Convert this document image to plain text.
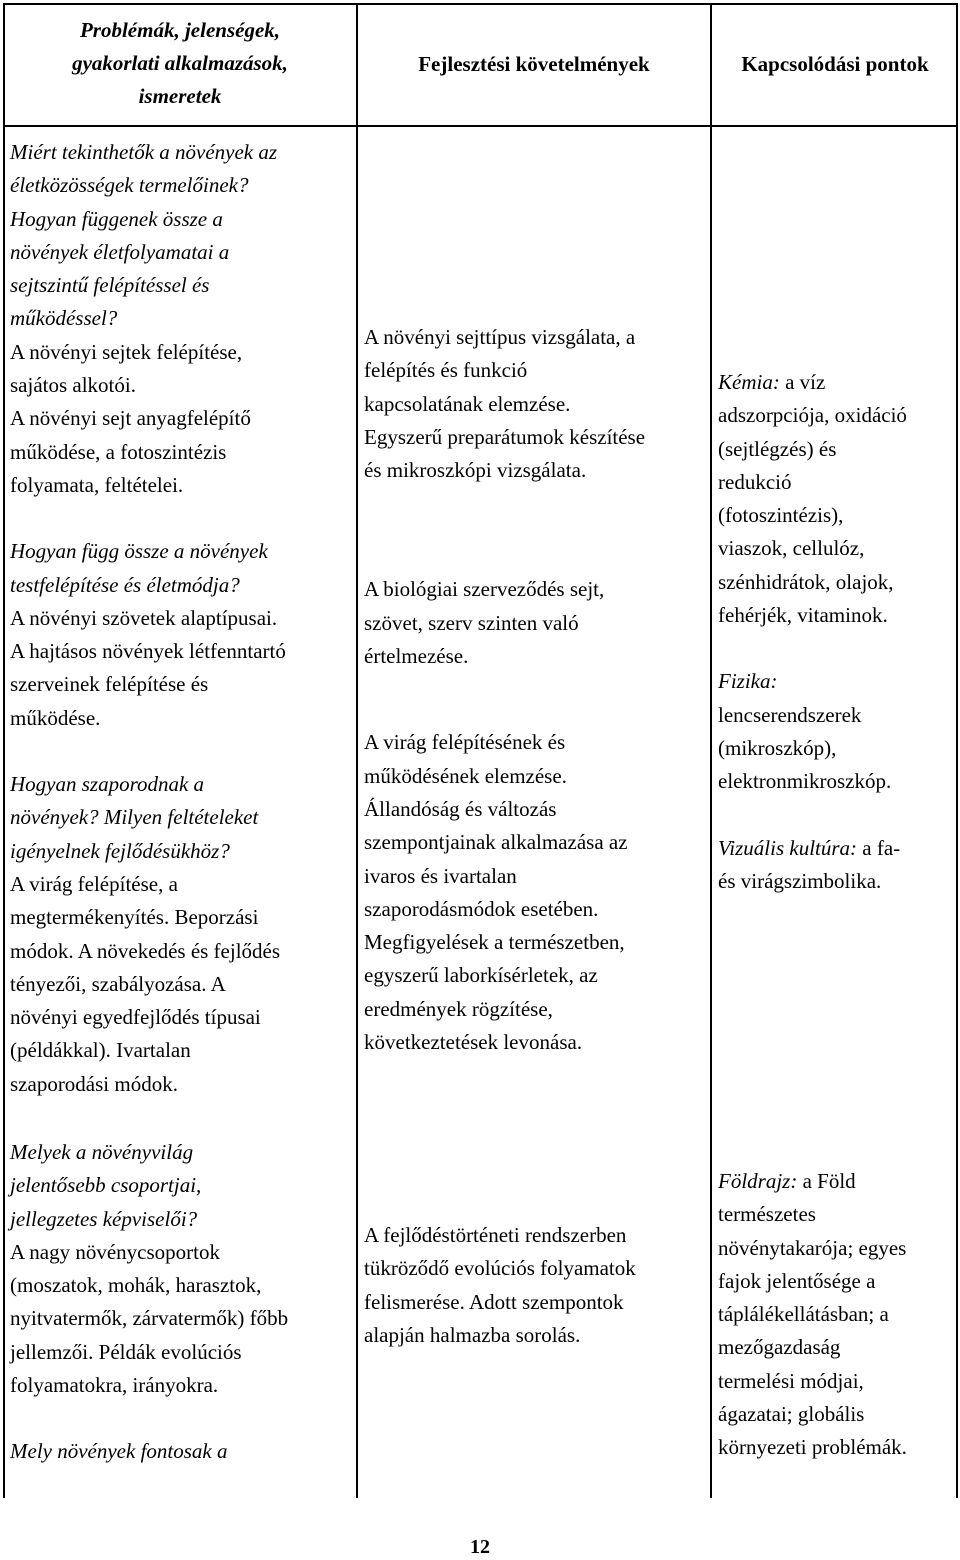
Problémák, jelenségek,
gyakorlati alkalmazások,
ismeretek
Fejlesztési követelmények	Kapcsolódási pontok
Miért tekinthetők a növények az
életközösségek termelőinek?
Hogyan függenek össze a
növények életfolyamatai a
sejtszintű felépítéssel és
működéssel?
A növényi sejtek felépítése,
sajátos alkotói.
A növényi sejt anyagfelépítő
működése, a fotoszintézis
folyamata, feltételei.
Hogyan függ össze a növények
testfelépítése és életmódja?
A növényi szövetek alaptípusai.
A hajtásos növények létfenntartó
szerveinek felépítése és
működése.
Hogyan szaporodnak a
növények? Milyen feltételeket
igényelnek fejlődésükhöz?
A virág felépítése, a
megtermékenyítés. Beporzási
módok. A növekedés és fejlődés
tényezői, szabályozása. A
növényi egyedfejlődés típusai
(példákkal). Ivartalan
szaporodási módok.
A növényi sejttípus vizsgálata, a
felépítés és funkció
kapcsolatának elemzése.
Egyszerű preparátumok készítése
és mikroszkópi vizsgálata.
A biológiai szerveződés sejt,
szövet, szerv szinten való
értelmezése.
A virág felépítésének és
működésének elemzése.
Állandóság és változás
szempontjainak alkalmazása az
ivaros és ivartalan
szaporodásmódok esetében.
Megfigyelések a természetben,
egyszerű laborkísérletek, az
eredmények rögzítése,
következtetések levonása.
Kémia: a víz
adszorpciója, oxidáció
(sejtlégzés) és
redukció
(fotoszintézis),
viaszok, cellulóz,
szénhidrátok, olajok,
fehérjék, vitaminok.
Fizika:
lencserendszerek
(mikroszkóp),
elektronmikroszkóp.
Vizuális kultúra: a fa-
és virágszimbolika.
Melyek a növényvilág
jelentősebb csoportjai,
jellegzetes képviselői?
A nagy növénycsoportok
(moszatok, mohák, harasztok,
nyitvatermők, zárvatermők) főbb
jellemzői. Példák evolúciós
folyamatokra, irányokra.
Mely növények fontosak a
A fejlődéstörténeti rendszerben
tükröződő evolúciós folyamatok
felismerése. Adott szempontok
alapján halmazba sorolás.
Földrajz: a Föld
természetes
növénytakarója; egyes
fajok jelentősége a
táplálékellátásban; a
mezőgazdaság
termelési módjai,
ágazatai; globális
környezeti problémák.
12
